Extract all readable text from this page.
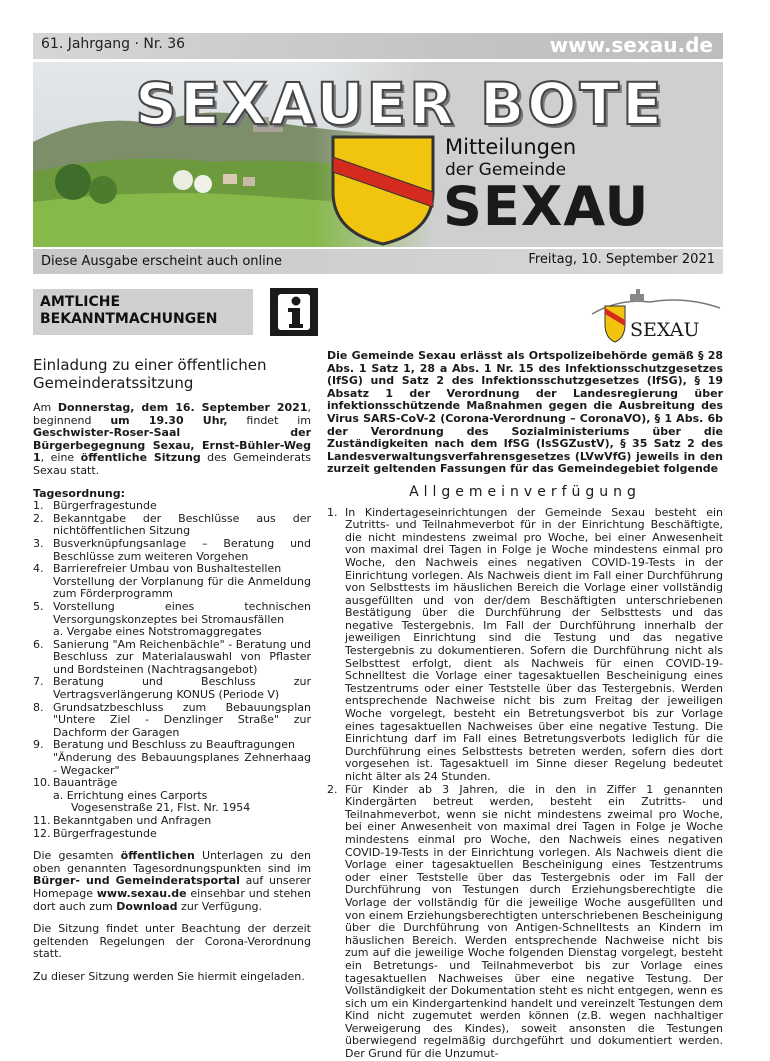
61. Jahrgang · Nr. 36	www.sexau.de
SEXAUER BOTE
Mitteilungen
der Gemeinde
SEXAU
Diese Ausgabe erscheint auch online	Freitag, 10. September 2021
AMTLICHE
BEKANNTMACHUNGEN	SEXAU
Einladung zu einer öffentlichen Gemeinderatssitzung

Am Donnerstag, dem 16. September 2021, beginnend um 19.30 Uhr, findet im Geschwister-Roser-Saal der Bürgerbegegnung Sexau, Ernst-Bühler-Weg 1, eine öffentliche Sitzung des Gemeinderats Sexau statt.

Tagesordnung:
1. Bürgerfragestunde
2. Bekanntgabe der Beschlüsse aus der nichtöffentlichen Sitzung
3. Busverknüpfungsanlage – Beratung und Beschlüsse zum weiteren Vorgehen
4. Barrierefreier Umbau von Bushaltestellen
Vorstellung der Vorplanung für die Anmeldung zum Förderprogramm
5. Vorstellung eines technischen Versorgungskonzeptes bei Stromausfällen
a. Vergabe eines Notstromaggregates
6. Sanierung "Am Reichenbächle" - Beratung und Beschluss zur Materialauswahl von Pflaster und Bordsteinen (Nachtragsangebot)
7. Beratung und Beschluss zur Vertragsverlängerung KONUS (Periode V)
8. Grundsatzbeschluss zum Bebauungsplan "Untere Ziel - Denzlinger Straße" zur Dachform der Garagen
9. Beratung und Beschluss zu Beauftragungen
"Änderung des Bebauungsplanes Zehnerhaag - Wegacker"
10. Bauanträge
a. Errichtung eines Carports
Vogesenstraße 21, Flst. Nr. 1954
11. Bekanntgaben und Anfragen
12. Bürgerfragestunde

Die gesamten öffentlichen Unterlagen zu den oben genannten Tagesordnungspunkten sind im Bürger- und Gemeinderatsportal auf unserer Homepage www.sexau.de einsehbar und stehen dort auch zum Download zur Verfügung.

Die Sitzung findet unter Beachtung der derzeit geltenden Regelungen der Corona-Verordnung statt.

Zu dieser Sitzung werden Sie hiermit eingeladen.

Die Gemeinde Sexau erlässt als Ortspolizeibehörde gemäß § 28 Abs. 1 Satz 1, 28 a Abs. 1 Nr. 15 des Infektionsschutzgesetzes (IfSG) und Satz 2 des Infektionsschutzgesetzes (IfSG), § 19 Absatz 1 der Verordnung der Landesregierung über infektionsschützende Maßnahmen gegen die Ausbreitung des Virus SARS-CoV-2 (Corona-Verordnung – CoronaVO), § 1 Abs. 6b der Verordnung des Sozialministeriums über die Zuständigkeiten nach dem IfSG (IsSGZustV), § 35 Satz 2 des Landesverwaltungsverfahrensgesetzes (LVwVfG) jeweils in den zurzeit geltenden Fassungen für das Gemeindegebiet folgende

Allgemeinverfügung
1. In Kindertageseinrichtungen der Gemeinde Sexau besteht ein Zutritts- und Teilnahmeverbot für in der Einrichtung Beschäftigte, die nicht mindestens zweimal pro Woche, bei einer Anwesenheit von maximal drei Tagen in Folge je Woche mindestens einmal pro Woche, den Nachweis eines negativen COVID-19-Tests in der Einrichtung vorlegen. Als Nachweis dient im Fall einer Durchführung von Selbsttests im häuslichen Bereich die Vorlage einer vollständig ausgefüllten und von der/dem Beschäftigten unterschriebenen Bestätigung über die Durchführung der Selbsttests und das negative Testergebnis. Im Fall der Durchführung innerhalb der jeweiligen Einrichtung sind die Testung und das negative Testergebnis zu dokumentieren. Sofern die Durchführung nicht als Selbsttest erfolgt, dient als Nachweis für einen COVID-19-Schnelltest die Vorlage einer tagesaktuellen Bescheinigung eines Testzentrums oder einer Teststelle über das Testergebnis. Werden entsprechende Nachweise nicht bis zum Freitag der jeweiligen Woche vorgelegt, besteht ein Betretungsverbot bis zur Vorlage eines tagesaktuellen Nachweises über eine negative Testung. Die Einrichtung darf im Fall eines Betretungsverbots lediglich für die Durchführung eines Selbsttests betreten werden, sofern dies dort vorgesehen ist. Tagesaktuell im Sinne dieser Regelung bedeutet nicht älter als 24 Stunden.
2. Für Kinder ab 3 Jahren, die in den in Ziffer 1 genannten Kindergärten betreut werden, besteht ein Zutritts- und Teilnahmeverbot, wenn sie nicht mindestens zweimal pro Woche, bei einer Anwesenheit von maximal drei Tagen in Folge je Woche mindestens einmal pro Woche, den Nachweis eines negativen COVID-19-Tests in der Einrichtung vorlegen. Als Nachweis dient die Vorlage einer tagesaktuellen Bescheinigung eines Testzentrums oder einer Teststelle über das Testergebnis oder im Fall der Durchführung von Testungen durch Erziehungsberechtigte die Vorlage der vollständig für die jeweilige Woche ausgefüllten und von einem Erziehungsberechtigten unterschriebenen Bescheinigung über die Durchführung von Antigen-Schnelltests an Kindern im häuslichen Bereich. Werden entsprechende Nachweise nicht bis zum auf die jeweilige Woche folgenden Dienstag vorgelegt, besteht ein Betretungs- und Teilnahmeverbot bis zur Vorlage eines tagesaktuellen Nachweises über eine negative Testung. Der Vollständigkeit der Dokumentation steht es nicht entgegen, wenn es sich um ein Kindergartenkind handelt und vereinzelt Testungen dem Kind nicht zugemutet werden können (z.B. wegen nachhaltiger Verweigerung des Kindes), soweit ansonsten die Testungen überwiegend regelmäßig durchgeführt und dokumentiert werden. Der Grund für die Unzumut-
